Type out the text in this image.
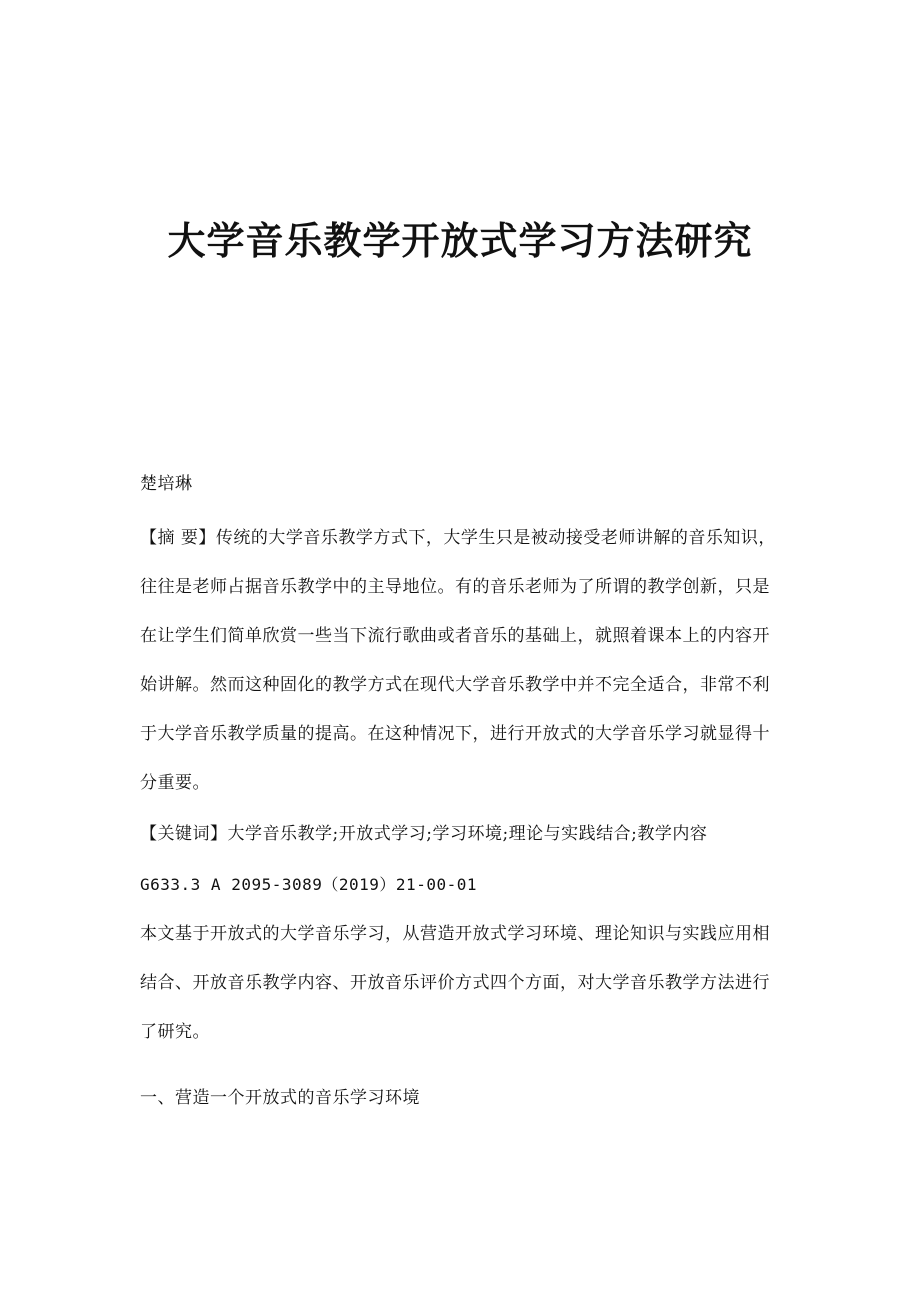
大学音乐教学开放式学习方法研究

楚培琳

【摘 要】传统的大学音乐教学方式下，大学生只是被动接受老师讲解的音乐知识，往往是老师占据音乐教学中的主导地位。有的音乐老师为了所谓的教学创新，只是在让学生们简单欣赏一些当下流行歌曲或者音乐的基础上，就照着课本上的内容开始讲解。然而这种固化的教学方式在现代大学音乐教学中并不完全适合，非常不利于大学音乐教学质量的提高。在这种情况下，进行开放式的大学音乐学习就显得十分重要。

【关键词】大学音乐教学;开放式学习;学习环境;理论与实践结合;教学内容

G633.3 A 2095-3089（2019）21-00-01

本文基于开放式的大学音乐学习，从营造开放式学习环境、理论知识与实践应用相结合、开放音乐教学内容、开放音乐评价方式四个方面，对大学音乐教学方法进行了研究。

一、营造一个开放式的音乐学习环境
